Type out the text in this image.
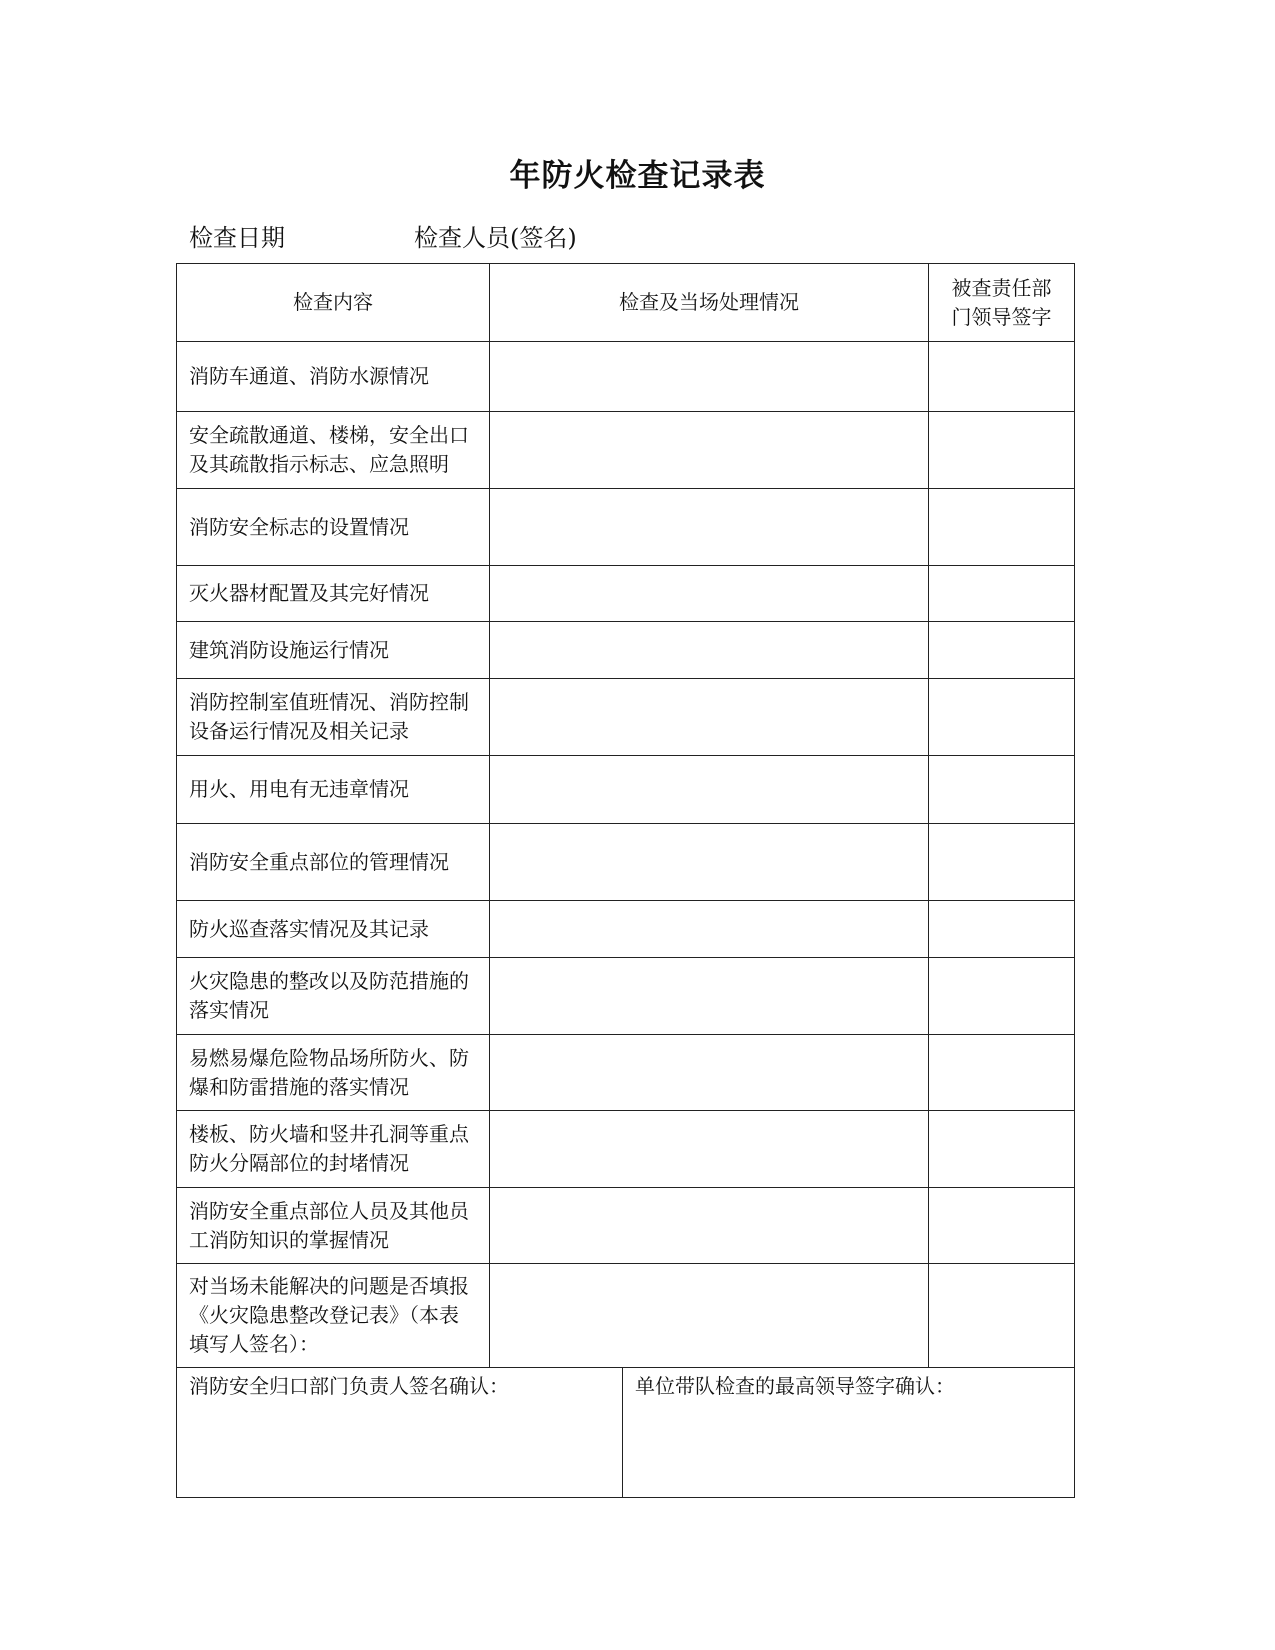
年防火检查记录表
检查日期	检查人员(签名)
检查内容	检查及当场处理情况		被查责任部门领导签字
消防车通道、消防水源情况			
安全疏散通道、楼梯，安全出口及其疏散指示标志、应急照明			
消防安全标志的设置情况			
灭火器材配置及其完好情况			
建筑消防设施运行情况			
消防控制室值班情况、消防控制设备运行情况及相关记录			
用火、用电有无违章情况			
消防安全重点部位的管理情况			
防火巡查落实情况及其记录			
火灾隐患的整改以及防范措施的落实情况			
易燃易爆危险物品场所防火、防爆和防雷措施的落实情况			
楼板、防火墙和竖井孔洞等重点防火分隔部位的封堵情况			
消防安全重点部位人员及其他员工消防知识的掌握情况			
对当场未能解决的问题是否填报《火灾隐患整改登记表》（本表填写人签名）：			
消防安全归口部门负责人签名确认：		单位带队检查的最高领导签字确认：	
